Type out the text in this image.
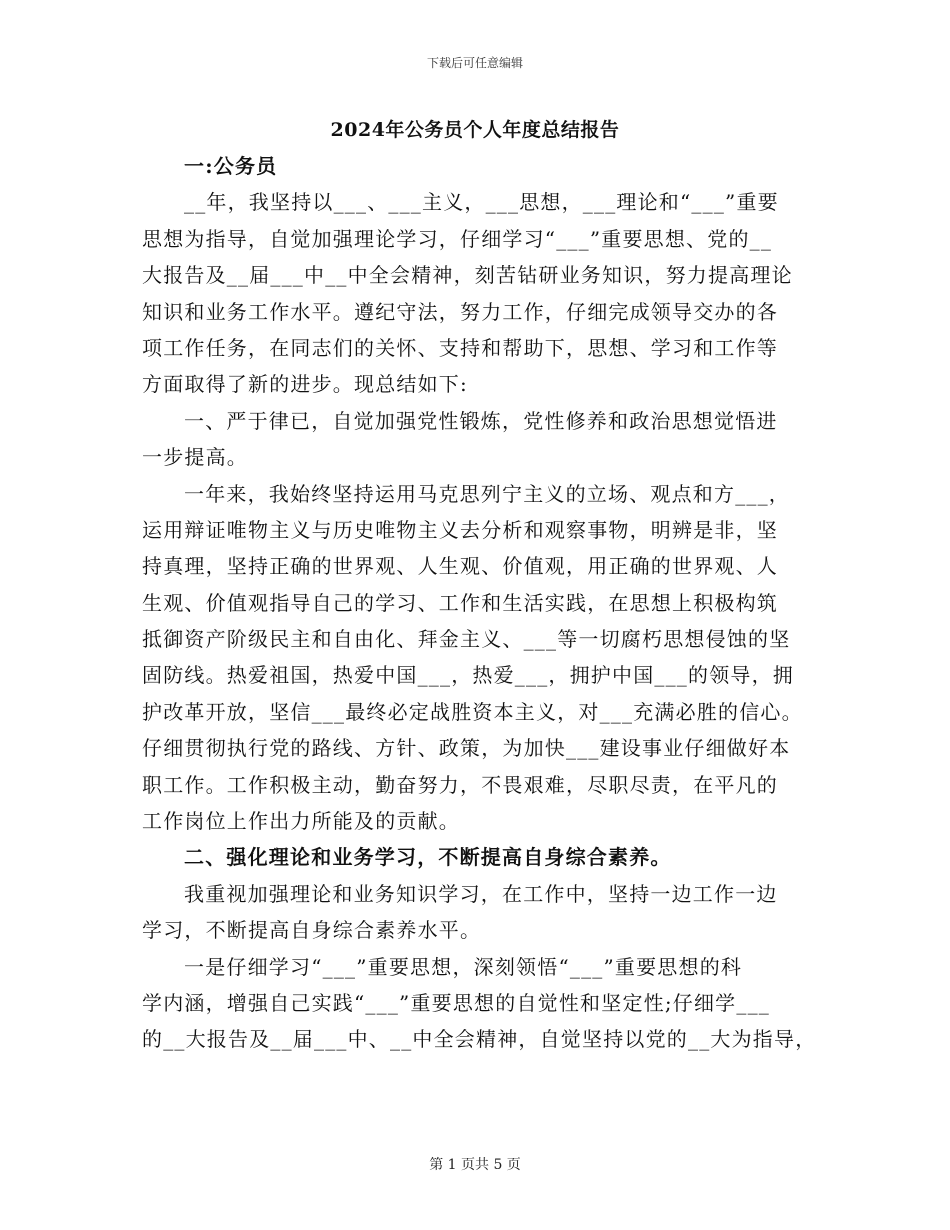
下载后可任意编辑
2024年公务员个人年度总结报告
一:公务员
__年，我坚持以___、___主义，___思想，___理论和“___”重要
思想为指导，自觉加强理论学习，仔细学习“___”重要思想、党的__
大报告及__届___中__中全会精神，刻苦钻研业务知识，努力提高理论
知识和业务工作水平。遵纪守法，努力工作，仔细完成领导交办的各
项工作任务，在同志们的关怀、支持和帮助下，思想、学习和工作等
方面取得了新的进步。现总结如下:
一、严于律已，自觉加强党性锻炼，党性修养和政治思想觉悟进
一步提高。
一年来，我始终坚持运用马克思列宁主义的立场、观点和方___，
运用辩证唯物主义与历史唯物主义去分析和观察事物，明辨是非，坚
持真理，坚持正确的世界观、人生观、价值观，用正确的世界观、人
生观、价值观指导自己的学习、工作和生活实践，在思想上积极构筑
抵御资产阶级民主和自由化、拜金主义、___等一切腐朽思想侵蚀的坚
固防线。热爱祖国，热爱中国___，热爱___，拥护中国___的领导，拥
护改革开放，坚信___最终必定战胜资本主义，对___充满必胜的信心。
仔细贯彻执行党的路线、方针、政策，为加快___建设事业仔细做好本
职工作。工作积极主动，勤奋努力，不畏艰难，尽职尽责，在平凡的
工作岗位上作出力所能及的贡献。
二、强化理论和业务学习，不断提高自身综合素养。
我重视加强理论和业务知识学习，在工作中，坚持一边工作一边
学习，不断提高自身综合素养水平。
一是仔细学习“___”重要思想，深刻领悟“___”重要思想的科
学内涵，增强自己实践“___”重要思想的自觉性和坚定性;仔细学___
的__大报告及__届___中、__中全会精神，自觉坚持以党的__大为指导，
第 1 页共 5 页
